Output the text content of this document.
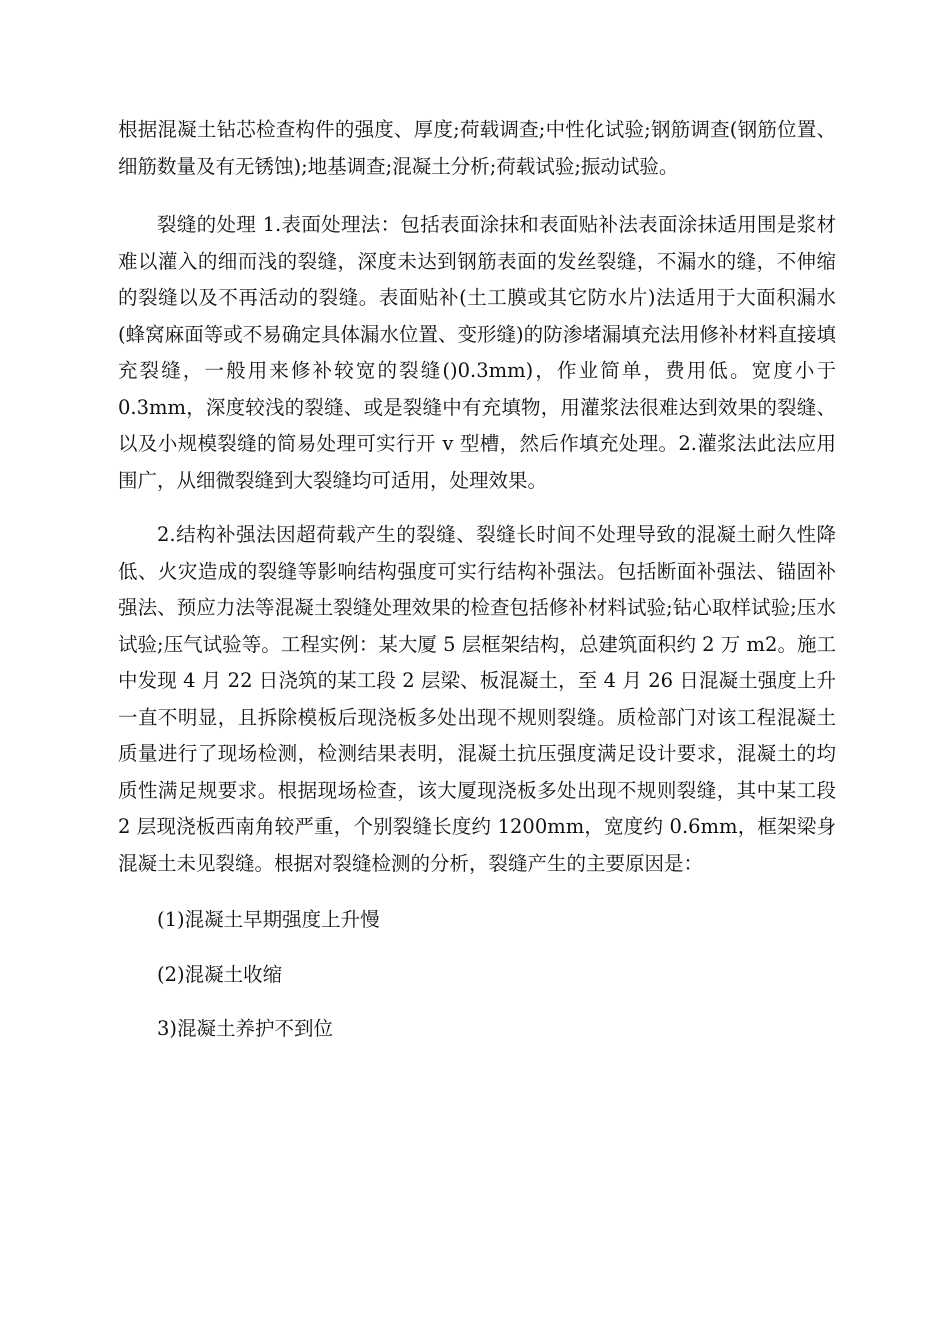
根据混凝土钻芯检查构件的强度、厚度;荷载调查;中性化试验;钢筋调查(钢筋位置、细筋数量及有无锈蚀);地基调查;混凝土分析;荷载试验;振动试验。

裂缝的处理 1.表面处理法：包括表面涂抹和表面贴补法表面涂抹适用围是浆材难以灌入的细而浅的裂缝，深度未达到钢筋表面的发丝裂缝，不漏水的缝，不伸缩的裂缝以及不再活动的裂缝。表面贴补(土工膜或其它防水片)法适用于大面积漏水(蜂窝麻面等或不易确定具体漏水位置、变形缝)的防渗堵漏填充法用修补材料直接填充裂缝，一般用来修补较宽的裂缝()0.3mm)，作业简单，费用低。宽度小于 0.3mm，深度较浅的裂缝、或是裂缝中有充填物，用灌浆法很难达到效果的裂缝、以及小规模裂缝的简易处理可实行开 v 型槽，然后作填充处理。2.灌浆法此法应用围广，从细微裂缝到大裂缝均可适用，处理效果。

2.结构补强法因超荷载产生的裂缝、裂缝长时间不处理导致的混凝土耐久性降低、火灾造成的裂缝等影响结构强度可实行结构补强法。包括断面补强法、锚固补强法、预应力法等混凝土裂缝处理效果的检查包括修补材料试验;钻心取样试验;压水试验;压气试验等。工程实例：某大厦 5 层框架结构，总建筑面积约 2 万 m2。施工中发现 4 月 22 日浇筑的某工段 2 层梁、板混凝土，至 4 月 26 日混凝土强度上升一直不明显，且拆除模板后现浇板多处出现不规则裂缝。质检部门对该工程混凝土质量进行了现场检测，检测结果表明，混凝土抗压强度满足设计要求，混凝土的均质性满足规要求。根据现场检查，该大厦现浇板多处出现不规则裂缝，其中某工段 2 层现浇板西南角较严重，个别裂缝长度约 1200mm，宽度约 0.6mm，框架梁身混凝土未见裂缝。根据对裂缝检测的分析，裂缝产生的主要原因是：

(1)混凝土早期强度上升慢

(2)混凝土收缩

3)混凝土养护不到位
